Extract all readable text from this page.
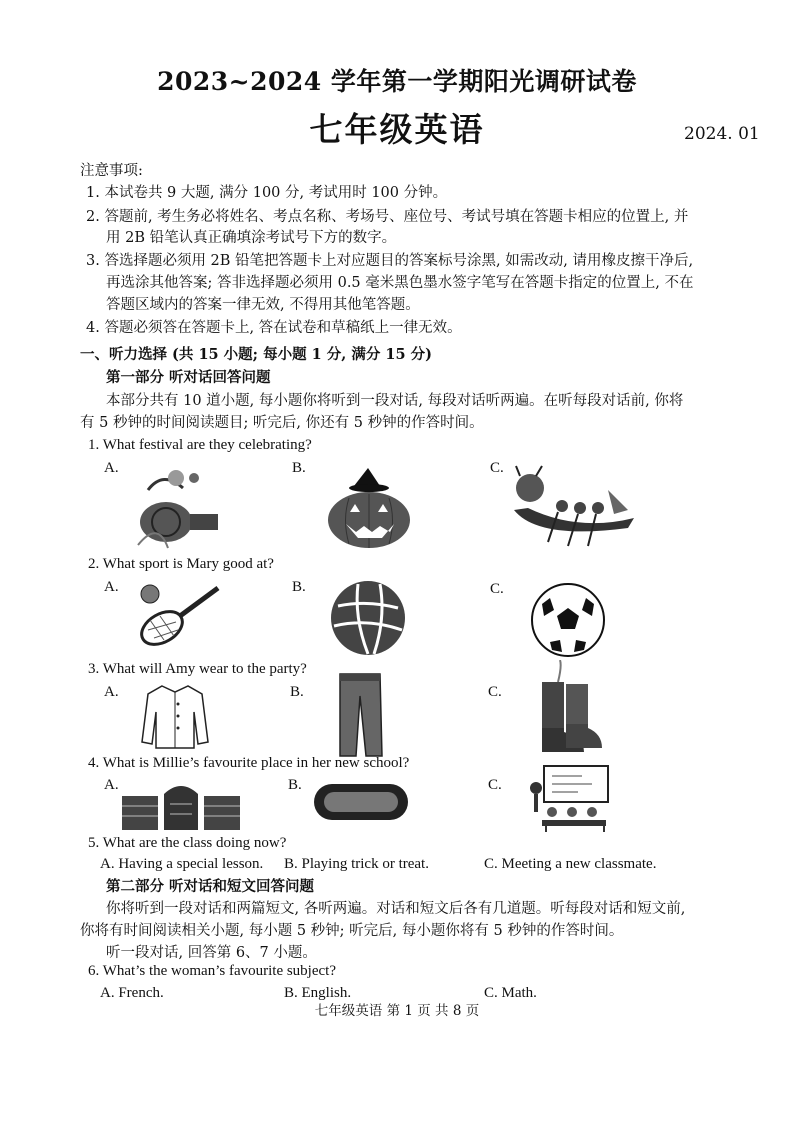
2023~2024 学年第一学期阳光调研试卷
七年级英语	2024. 01
注意事项:
1. 本试卷共 9 大题, 满分 100 分, 考试用时 100 分钟。
2. 答题前, 考生务必将姓名、考点名称、考场号、座位号、考试号填在答题卡相应的位置上, 并
用 2B 铅笔认真正确填涂考试号下方的数字。
3. 答选择题必须用 2B 铅笔把答题卡上对应题目的答案标号涂黑, 如需改动, 请用橡皮擦干净后,
再选涂其他答案; 答非选择题必须用 0.5 毫米黑色墨水签字笔写在答题卡指定的位置上, 不在
答题区域内的答案一律无效, 不得用其他笔答题。
4. 答题必须答在答题卡上, 答在试卷和草稿纸上一律无效。
一、听力选择 (共 15 小题; 每小题 1 分, 满分 15 分)
第一部分 听对话回答问题
本部分共有 10 道小题, 每小题你将听到一段对话, 每段对话听两遍。在听每段对话前, 你将
有 5 秒钟的时间阅读题目; 听完后, 你还有 5 秒钟的作答时间。
1. What festival are they celebrating?
A.	B.	C.
2. What sport is Mary good at?
A.	B.	C.
3. What will Amy wear to the party?
A.	B.	C.
4. What is Millie’s favourite place in her new school?
A.	B.	C.
5. What are the class doing now?
A. Having a special lesson. B. Playing trick or treat.	C. Meeting a new classmate.
第二部分 听对话和短文回答问题
你将听到一段对话和两篇短文, 各听两遍。对话和短文后各有几道题。听每段对话和短文前,
你将有时间阅读相关小题, 每小题 5 秒钟; 听完后, 每小题你将有 5 秒钟的作答时间。
听一段对话, 回答第 6、7 小题。
6. What’s the woman’s favourite subject?
A. French.	B. English.	C. Math.
七年级英语 第 1 页 共 8 页
